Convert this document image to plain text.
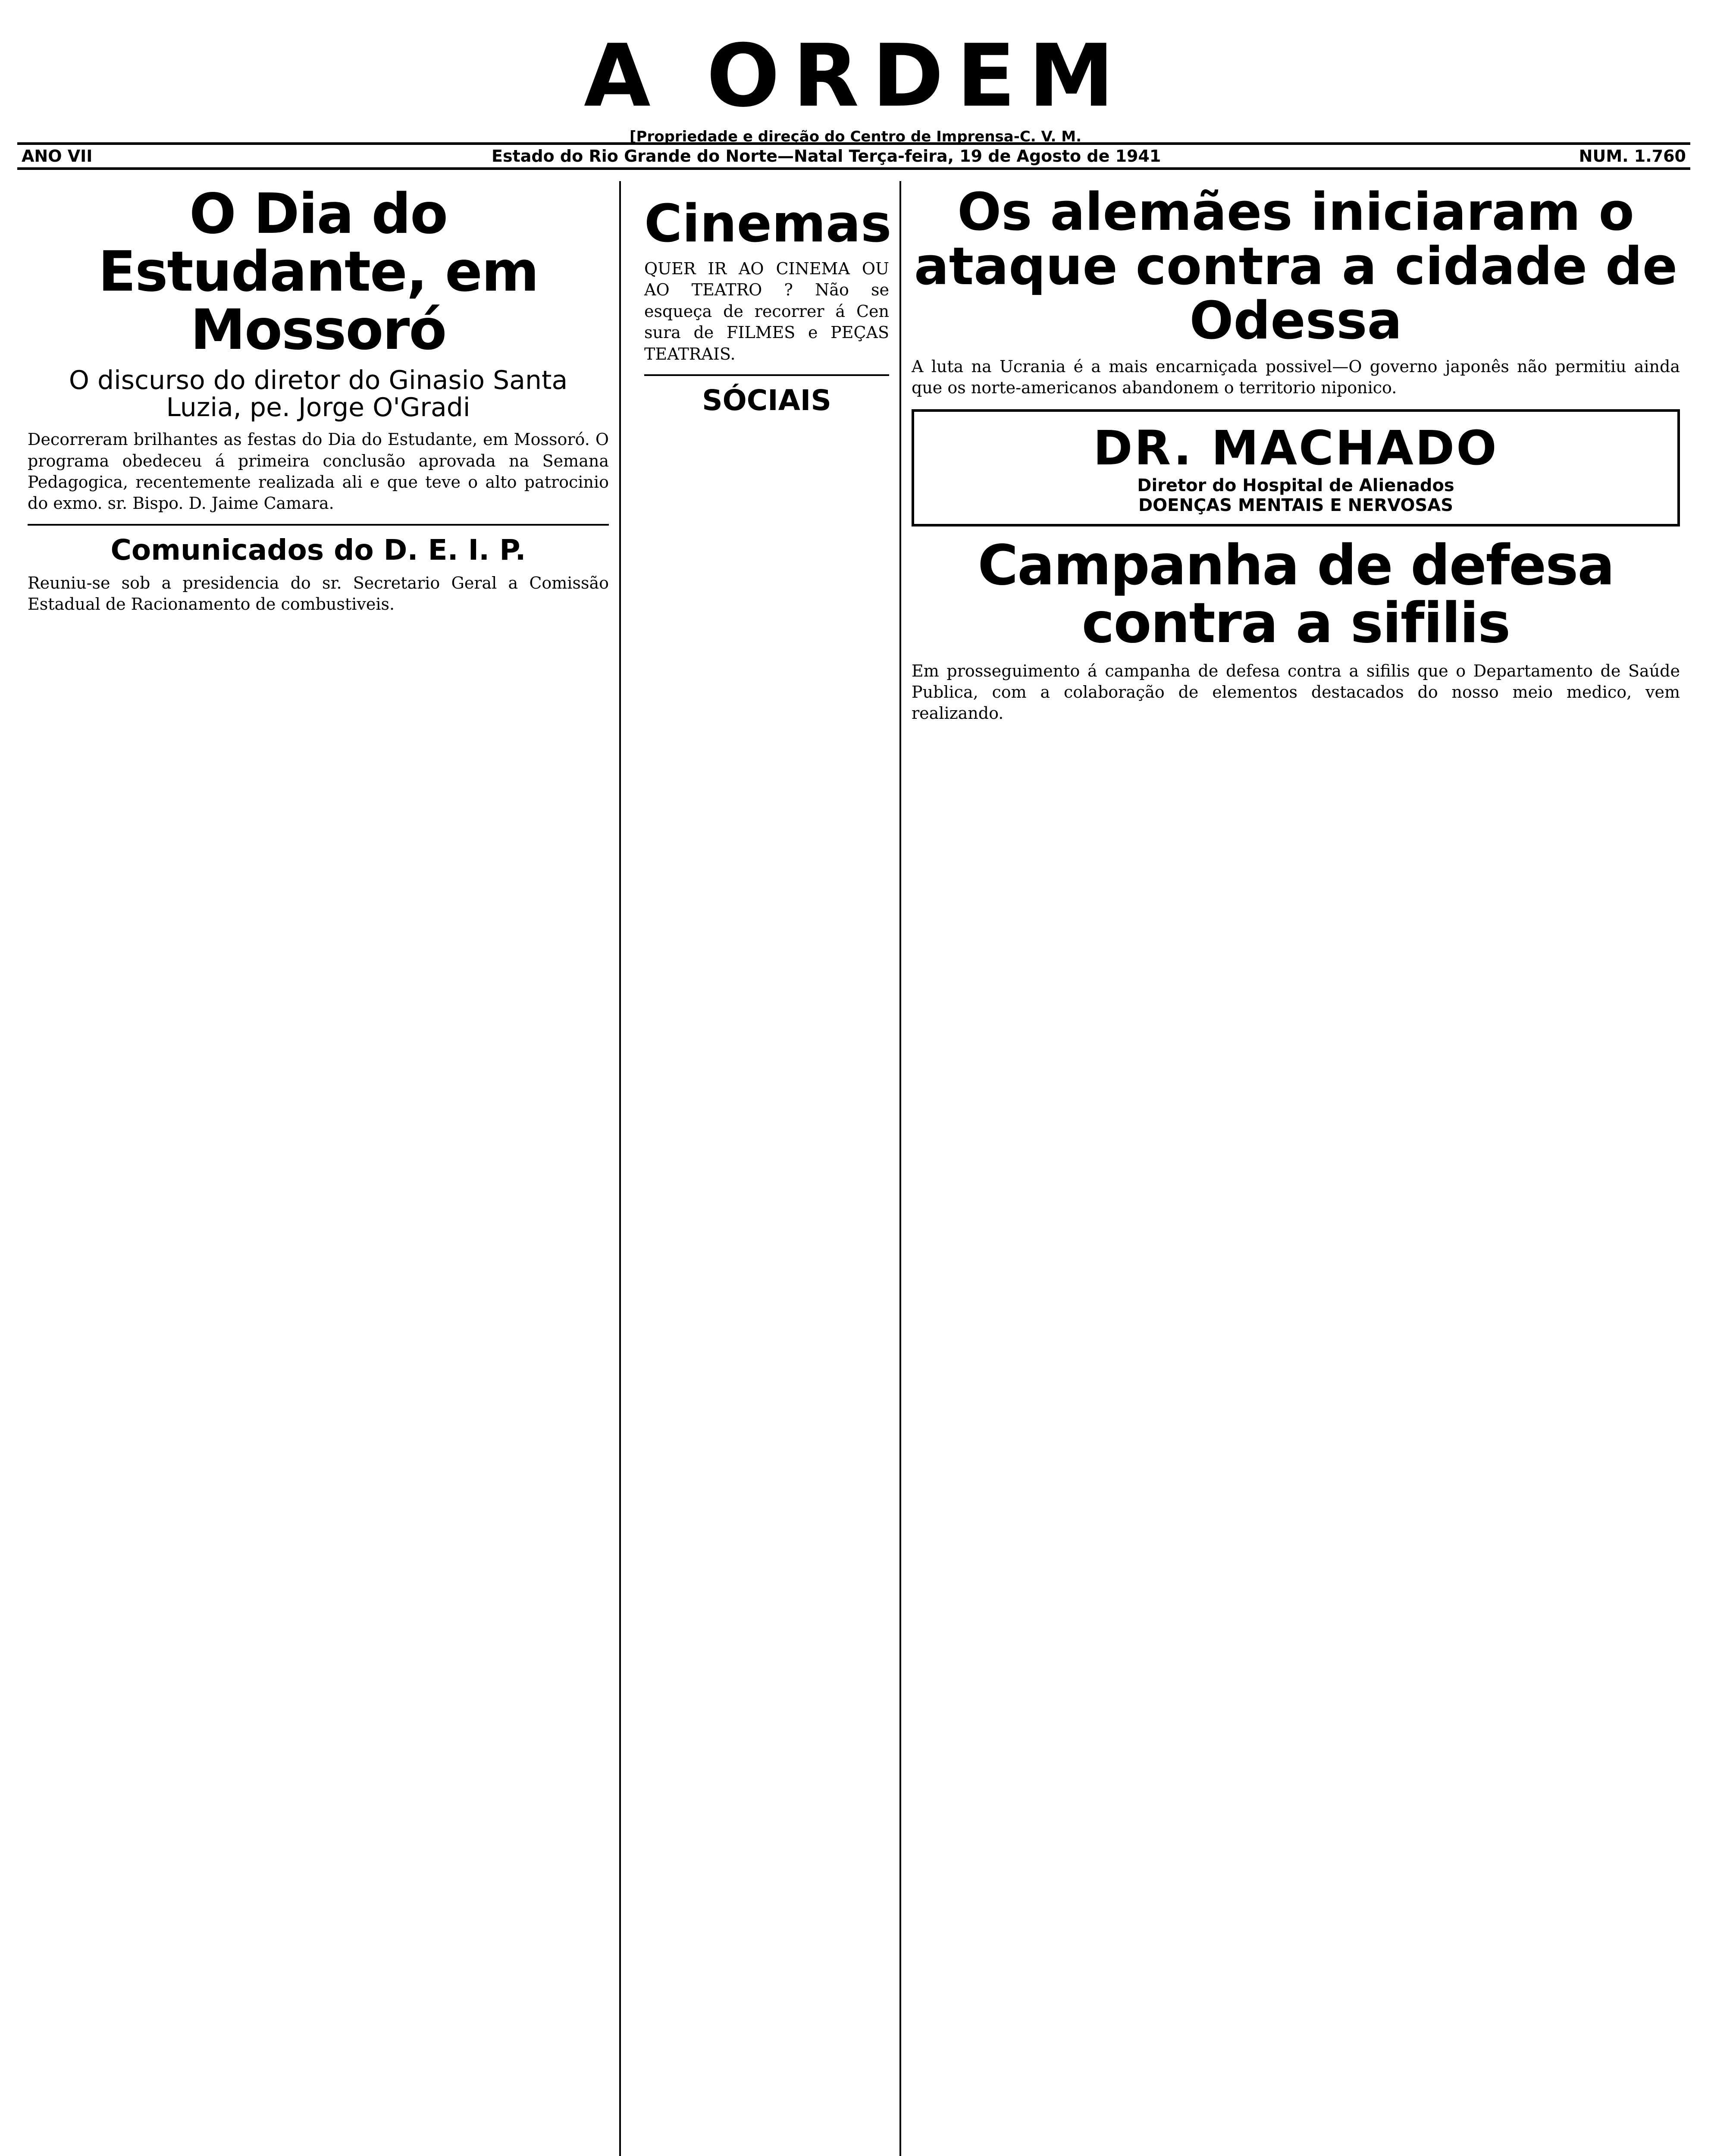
A ORDEM
[Propriedade e direção do Centro de Imprensa-C. V. M.
ANO VII	Estado do Rio Grande do Norte—Natal Terça-feira, 19 de Agosto de 1941	NUM. 1.760
O Dia do Estudante, em Mossoró
O discurso do diretor do Ginasio Santa Luzia, pe. Jorge O'Gradi

Decorreram brilhantes as festas do Dia do Estudante, em Mossoró. O programa obedeceu á primeira conclusão aprovada na Semana Pedagogica, recentemente realizada ali e que teve o alto patrocinio do exmo. sr. Bispo. D. Jaime Camara.

Comunicados do D. E. I. P.

Reuniu-se sob a presidencia do sr. Secretario Geral a Comissão Estadual de Racionamento de combustiveis.

Cinemas

QUER IR AO CINEMA OU AO TEATRO ? Não se esqueça de recorrer á Cen sura de FILMES e PEÇAS TEATRAIS.

SÓCIAIS
Os alemães iniciaram o ataque contra a cidade de Odessa

A luta na Ucrania é a mais encarniçada possivel—O governo japonês não permitiu ainda que os norte-americanos abandonem o territorio niponico.

DR. MACHADO
Diretor do Hospital de Alienados
DOENÇAS MENTAIS E NERVOSAS
Campanha de defesa contra a sifilis

Em prosseguimento á campanha de defesa contra a sifilis que o Departamento de Saúde Publica, com a colaboração de elementos destacados do nosso meio medico, vem realizando.
